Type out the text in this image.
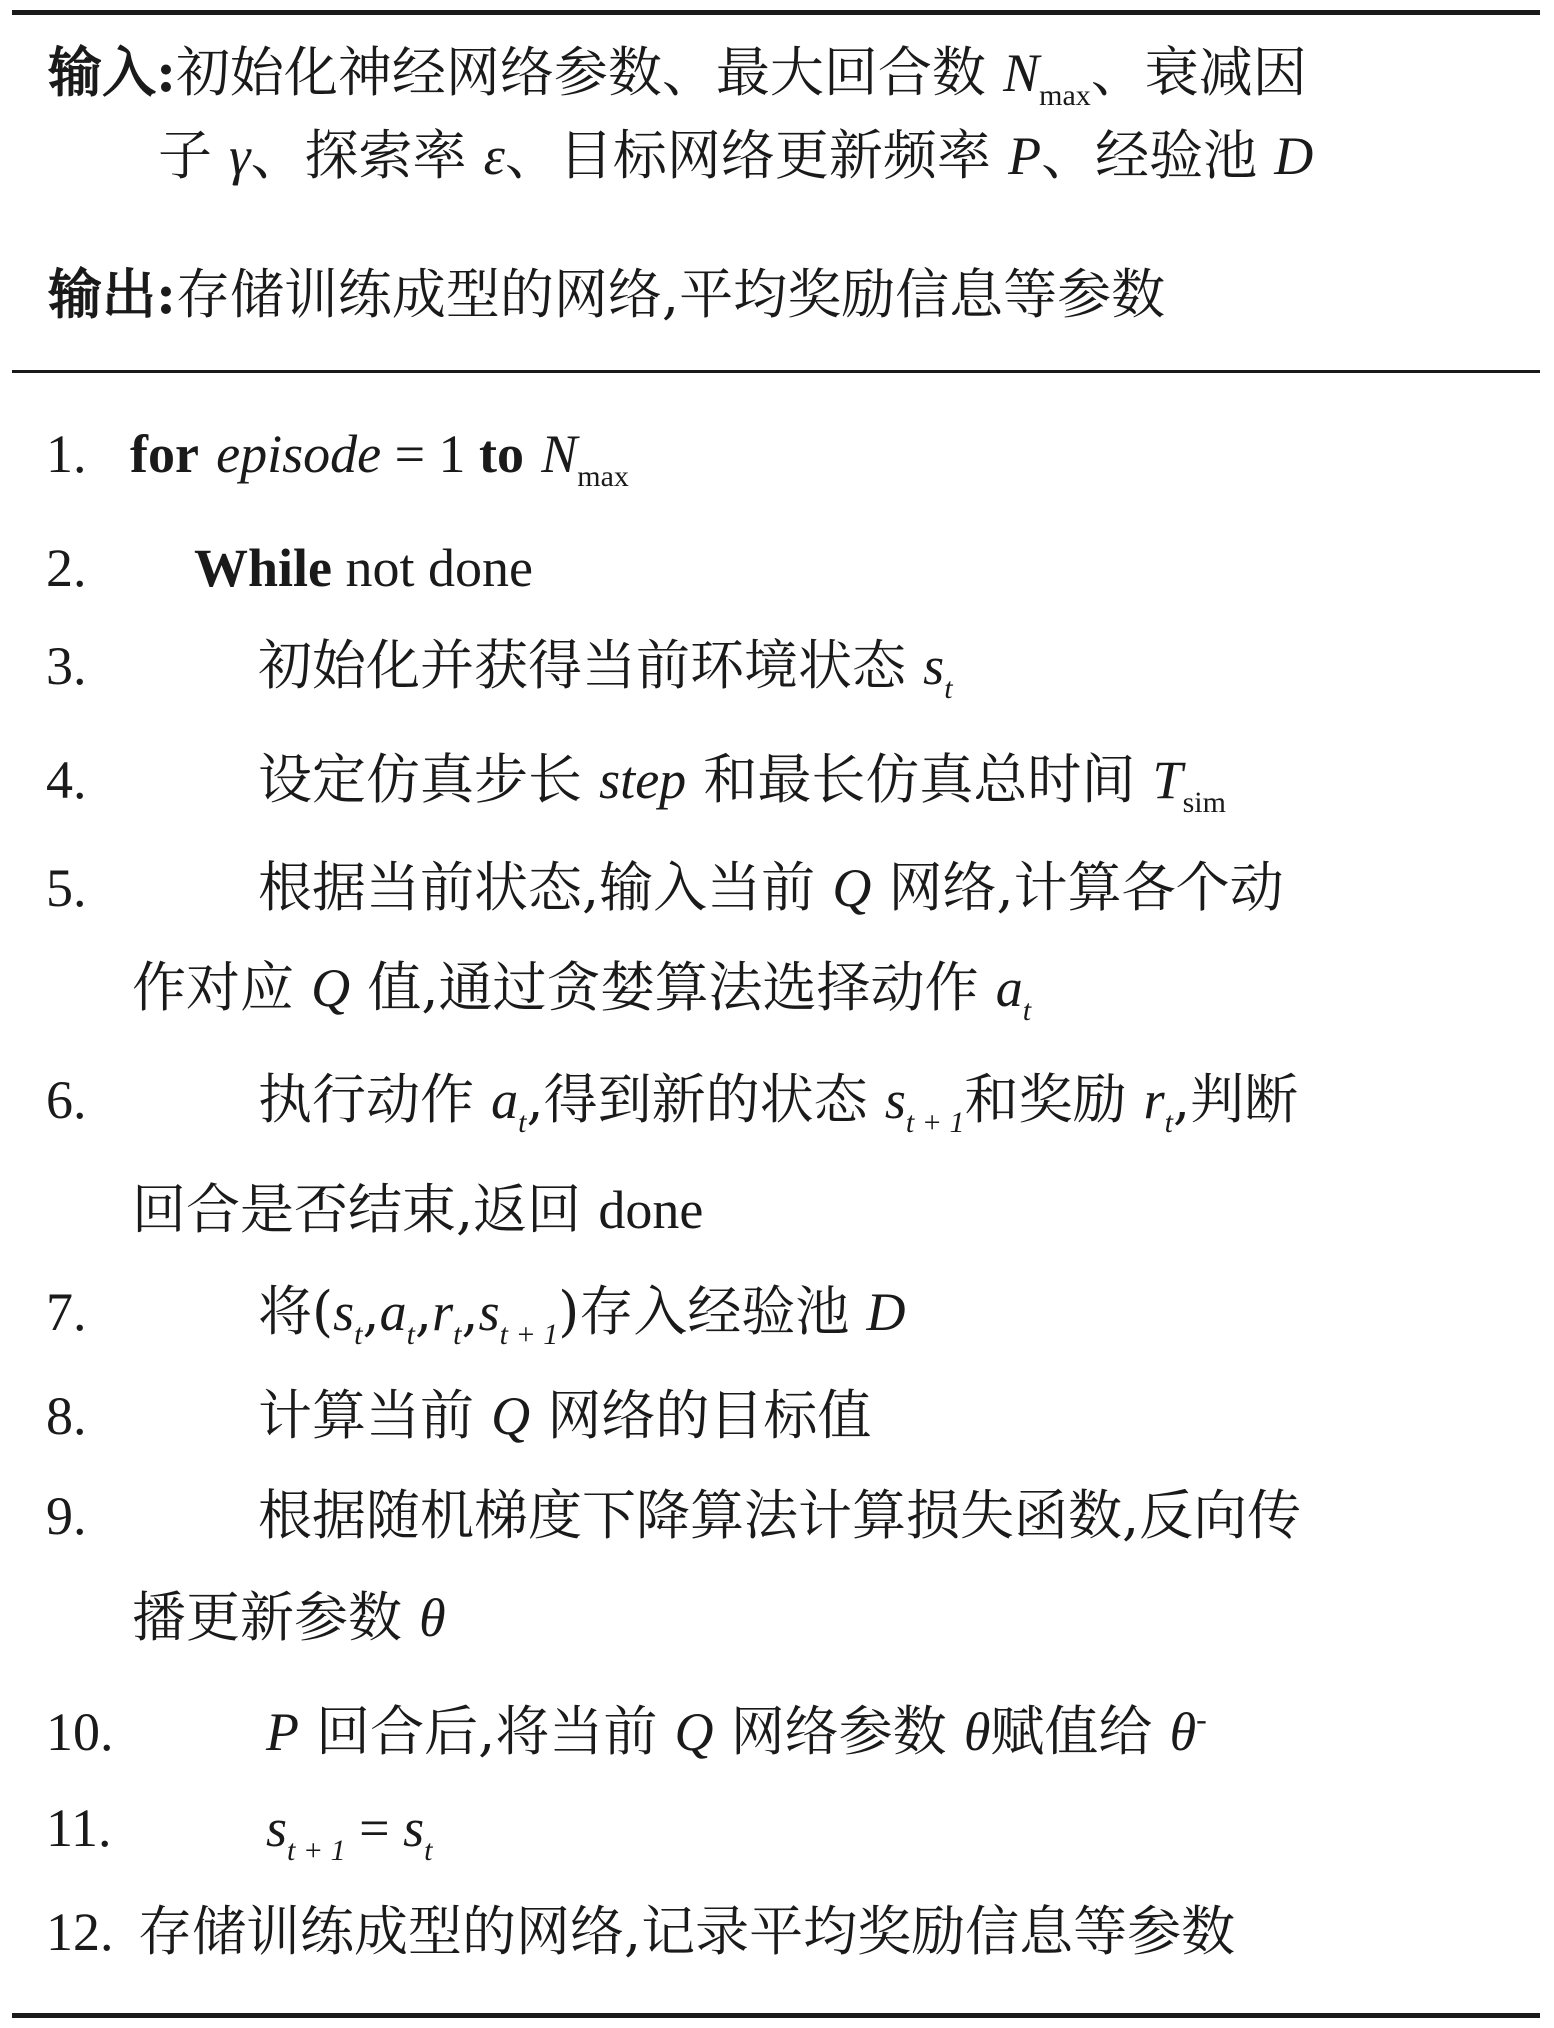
输入:初始化神经网络参数、最大回合数 $N_{max}$、衰减因
子 γ、探索率 ε、目标网络更新频率 P、经验池 D
输出:存储训练成型的网络,平均奖励信息等参数
1. for episode = 1 to $N_{max}$
2. While not done
3.	初始化并获得当前环境状态 $s_t$
4.	设定仿真步长 step 和最长仿真总时间 $T_{sim}$
5.	根据当前状态,输入当前 Q 网络,计算各个动
作对应 Q 值,通过贪婪算法选择动作 $a_t$
6.	执行动作 $a_t$,得到新的状态 $s_{t + 1}$和奖励 $r_t$,判断
回合是否结束,返回 done
7.	将$(s_t,a_t,r_t,s_{t + 1})$存入经验池 D
8.	计算当前 Q 网络的目标值
9.	根据随机梯度下降算法计算损失函数,反向传
播更新参数 θ
10.	P 回合后,将当前 Q 网络参数 θ赋值给 θ-
11.	$s_{t + 1} = s_t$
12. 存储训练成型的网络,记录平均奖励信息等参数
